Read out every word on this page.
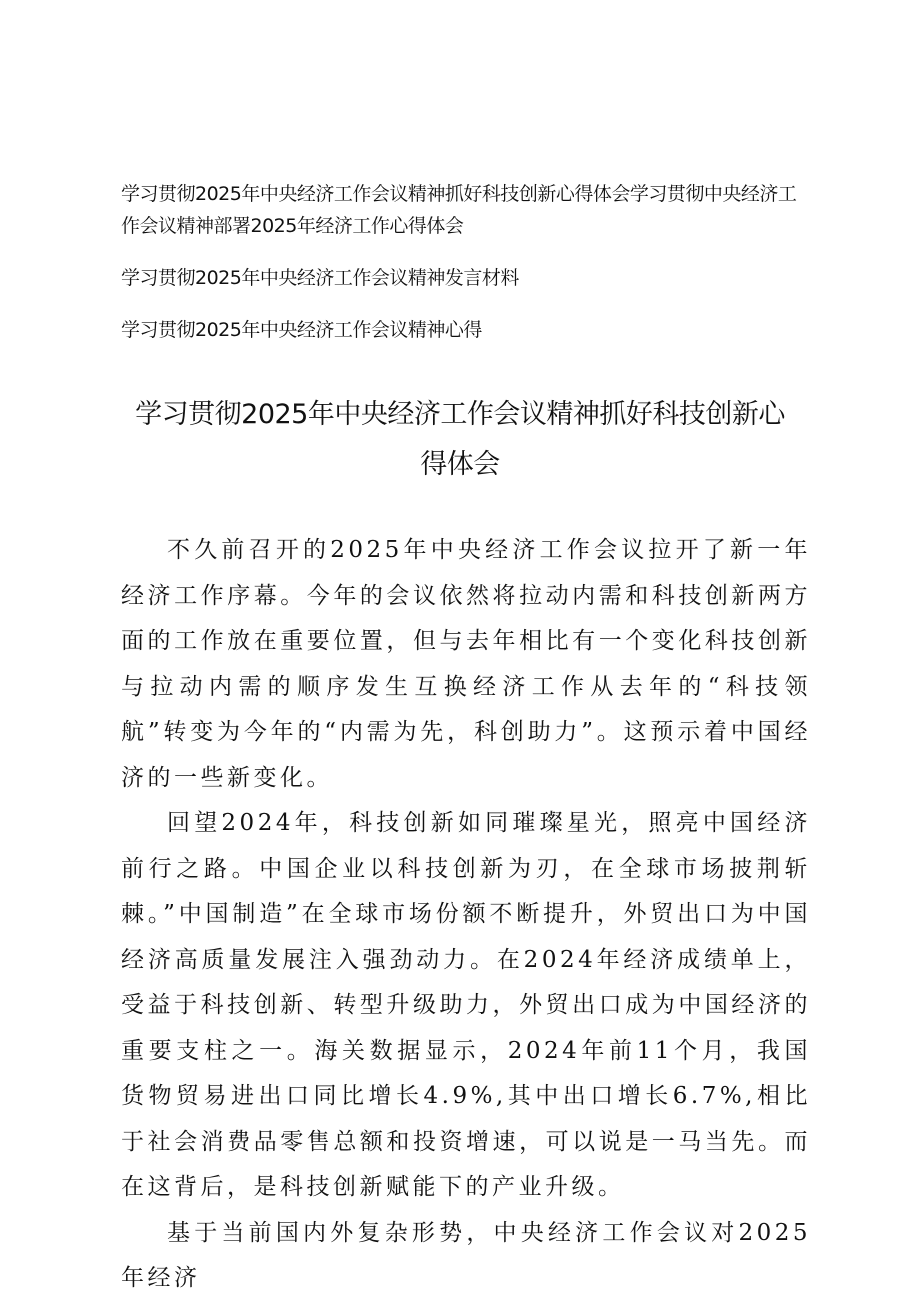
学习贯彻2025年中央经济工作会议精神抓好科技创新心得体会学习贯彻中央经济工作会议精神部署2025年经济工作心得体会

学习贯彻2025年中央经济工作会议精神发言材料

学习贯彻2025年中央经济工作会议精神心得

学习贯彻2025年中央经济工作会议精神抓好科技创新心得体会

不久前召开的2025年中央经济工作会议拉开了新一年经济工作序幕。今年的会议依然将拉动内需和科技创新两方面的工作放在重要位置，但与去年相比有一个变化科技创新与拉动内需的顺序发生互换经济工作从去年的“科技领航”转变为今年的“内需为先，科创助力”。这预示着中国经济的一些新变化。

回望2024年，科技创新如同璀璨星光，照亮中国经济前行之路。中国企业以科技创新为刃，在全球市场披荆斩棘。”中国制造”在全球市场份额不断提升，外贸出口为中国经济高质量发展注入强劲动力。在2024年经济成绩单上，受益于科技创新、转型升级助力，外贸出口成为中国经济的重要支柱之一。海关数据显示，2024年前11个月，我国货物贸易进出口同比增长4.9%,其中出口增长6.7%,相比于社会消费品零售总额和投资增速，可以说是一马当先。而在这背后，是科技创新赋能下的产业升级。

基于当前国内外复杂形势，中央经济工作会议对2025年经济
